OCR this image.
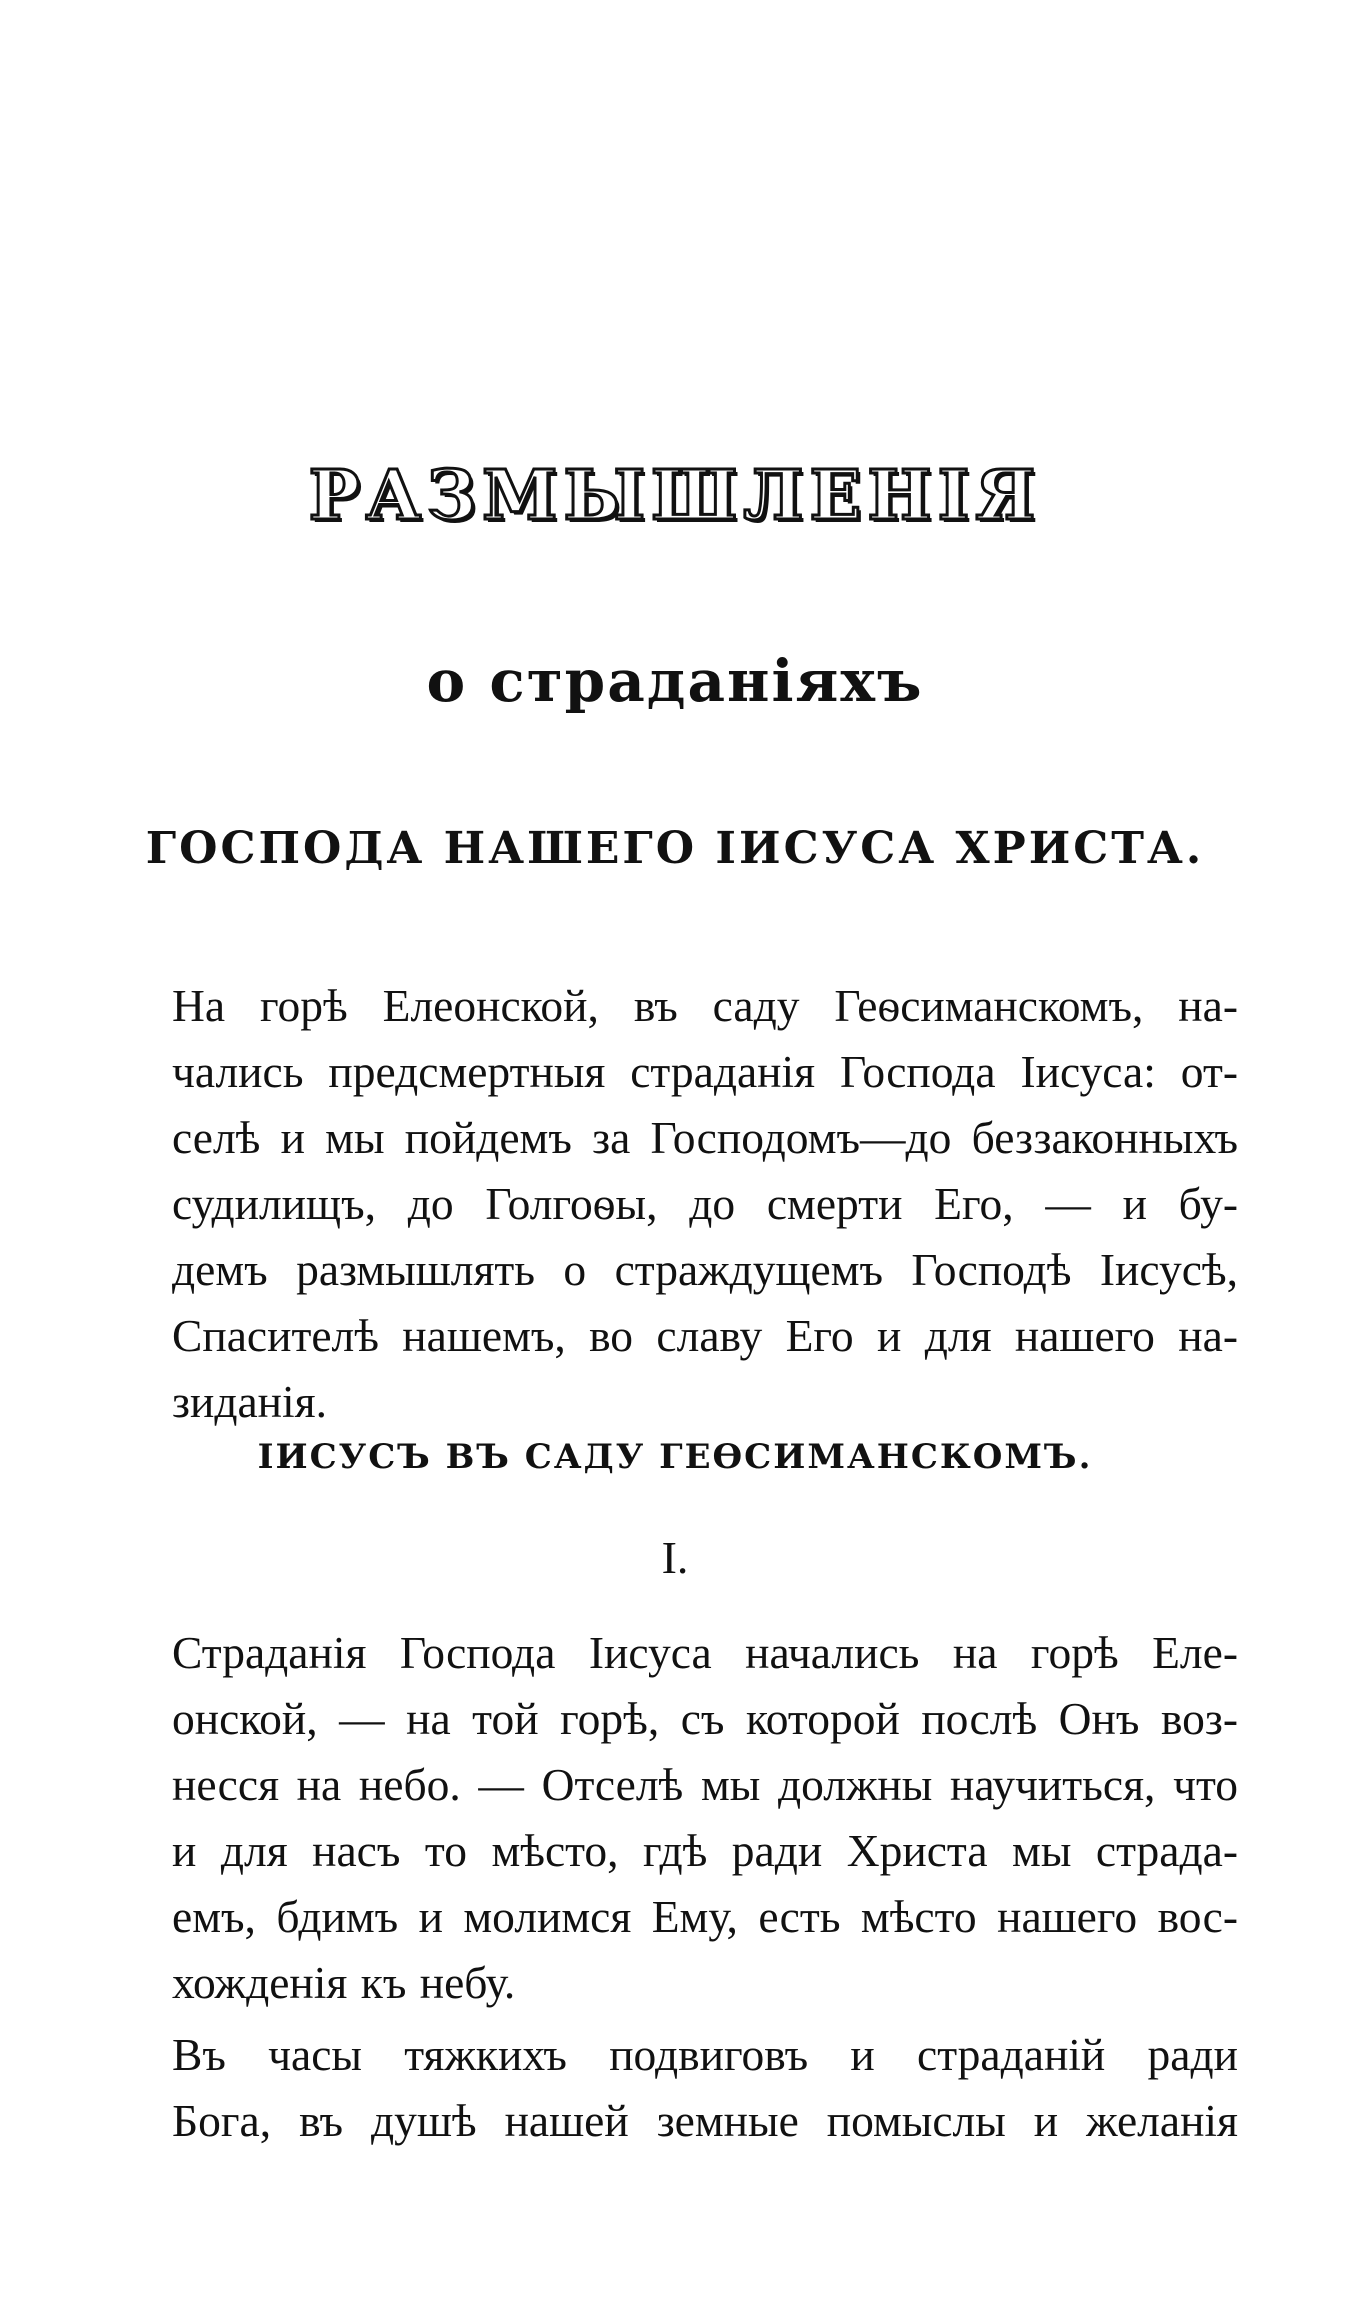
РАЗМЫШЛЕНІЯ
о страданіяхъ
ГОСПОДА НАШЕГО ІИСУСА ХРИСТА.
На горѣ Елеонской, въ саду Геѳсиманскомъ, на-
чались предсмертныя страданія Господа Іисуса: от-
селѣ и мы пойдемъ за Господомъ—до беззаконныхъ
судилищъ, до Голгоѳы, до смерти Его, — и бу-
демъ размышлять о страждущемъ Господѣ Іисусѣ,
Спасителѣ нашемъ, во славу Его и для нашего на-
зиданія.
ІИСУСЪ ВЪ САДУ ГЕѲСИМАНСКОМЪ.
I.
Страданія Господа Іисуса начались на горѣ Еле-
онской, — на той горѣ, съ которой послѣ Онъ воз-
несся на небо. — Отселѣ мы должны научиться, что
и для насъ то мѣсто, гдѣ ради Христа мы страда-
емъ, бдимъ и молимся Ему, есть мѣсто нашего вос-
хожденія къ небу.
Въ часы тяжкихъ подвиговъ и страданій ради
Бога, въ душѣ нашей земные помыслы и желанія
